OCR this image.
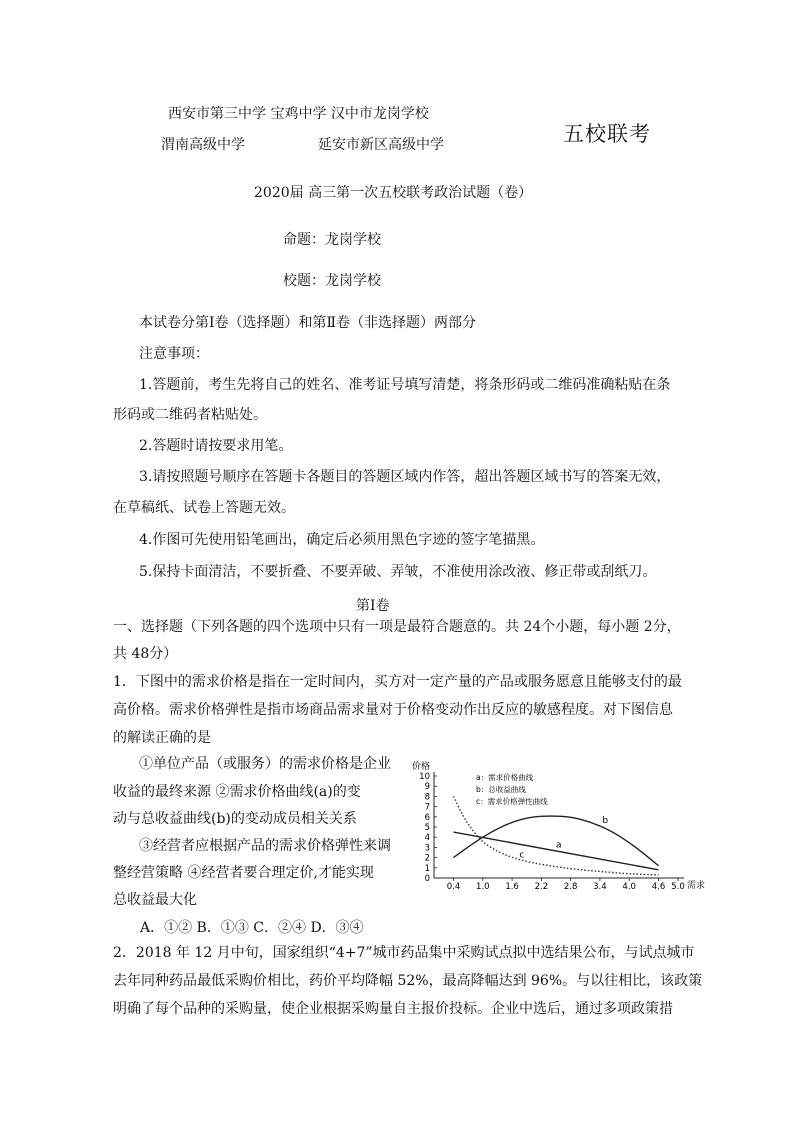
西安市第三中学 宝鸡中学 汉中市龙岗学校
渭南高级中学	延安市新区高级中学	五校联考
2020届 高三第一次五校联考政治试题（卷）
命题：龙岗学校
校题：龙岗学校
本试卷分第Ⅰ卷（选择题）和第Ⅱ卷（非选择题）两部分
注意事项：
1.答题前，考生先将自己的姓名、准考证号填写清楚，将条形码或二维码准确粘贴在条
形码或二维码者粘贴处。
2.答题时请按要求用笔。
3.请按照题号顺序在答题卡各题目的答题区域内作答，超出答题区域书写的答案无效，
在草稿纸、试卷上答题无效。
4.作图可先使用铅笔画出，确定后必须用黑色字迹的签字笔描黑。
5.保持卡面清洁，不要折叠、不要弄破、弄皱，不准使用涂改液、修正带或刮纸刀。
第Ⅰ卷
一、选择题（下列各题的四个选项中只有一项是最符合题意的。共 24个小题，每小题 2分，
共 48分）
1．下图中的需求价格是指在一定时间内，买方对一定产量的产品或服务愿意且能够支付的最
高价格。需求价格弹性是指市场商品需求量对于价格变动作出反应的敏感程度。对下图信息
的解读正确的是
①单位产品（或服务）的需求价格是企业
收益的最终来源 ②需求价格曲线(a)的变
动与总收益曲线(b)的变动成员相关关系
③经营者应根据产品的需求价格弹性来调
整经营策略 ④经营者要合理定价,才能实现
总收益最大化
A．①② B．①③ C．②④ D．③④
价格
需求
0
1
2
3
4
5
6
7
8
9
10
0.4 1.0 1.6 2.2 2.8 3.4 4.0 4.6 5.0
a：需求价格曲线
b：总收益曲线
c：需求价格弹性曲线
a
b
c
2．2018 年 12 月中旬，国家组织“4+7”城市药品集中采购试点拟中选结果公布，与试点城市
去年同种药品最低采购价相比，药价平均降幅 52%，最高降幅达到 96%。与以往相比，该政策
明确了每个品种的采购量，使企业根据采购量自主报价投标。企业中选后，通过多项政策措
